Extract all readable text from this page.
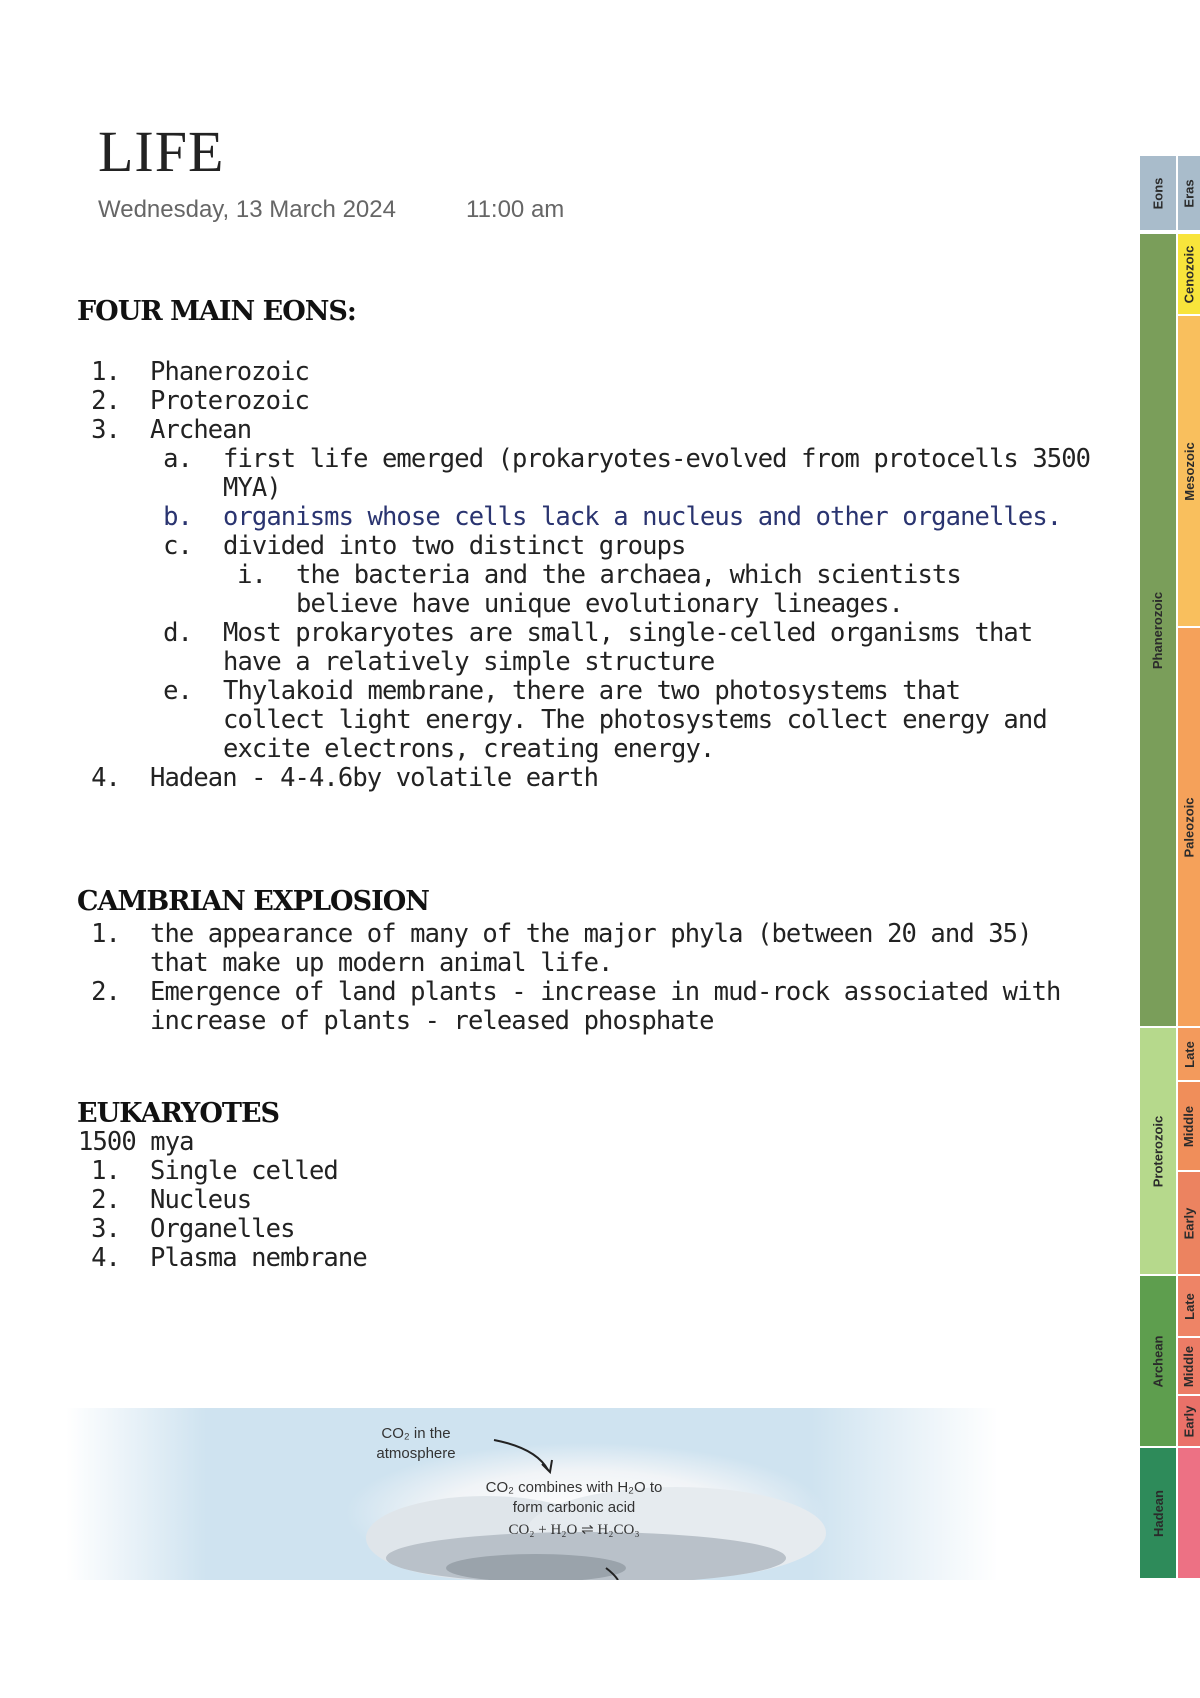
LIFE
Wednesday, 13 March 2024	11:00 am
FOUR MAIN EONS:
1. Phanerozoic
2. Proterozoic
3. Archean
a. first life emerged (prokaryotes-evolved from protocells 3500 MYA)
b. organisms whose cells lack a nucleus and other organelles.
c. divided into two distinct groups
i. the bacteria and the archaea, which scientists believe have unique evolutionary lineages.
d. Most prokaryotes are small, single-celled organisms that have a relatively simple structure
e. Thylakoid membrane, there are two photosystems that collect light energy. The photosystems collect energy and excite electrons, creating energy.
4. Hadean - 4-4.6by volatile earth
CAMBRIAN EXPLOSION
1. the appearance of many of the major phyla (between 20 and 35) that make up modern animal life.
2. Emergence of land plants - increase in mud-rock associated with increase of plants - released phosphate
EUKARYOTES
1500 mya
1. Single celled
2. Nucleus
3. Organelles
4. Plasma nembrane
Eons Eras
Phanerozoic
Proterozoic
Archean
Hadean
Cenozoic
Mesozoic
Paleozoic
Late
Middle
Early
Late
Middle
Early
CO₂ in the atmosphere
CO₂ combines with H₂O to form carbonic acid
CO₂ + H₂O ⇌ H₂CO₃
